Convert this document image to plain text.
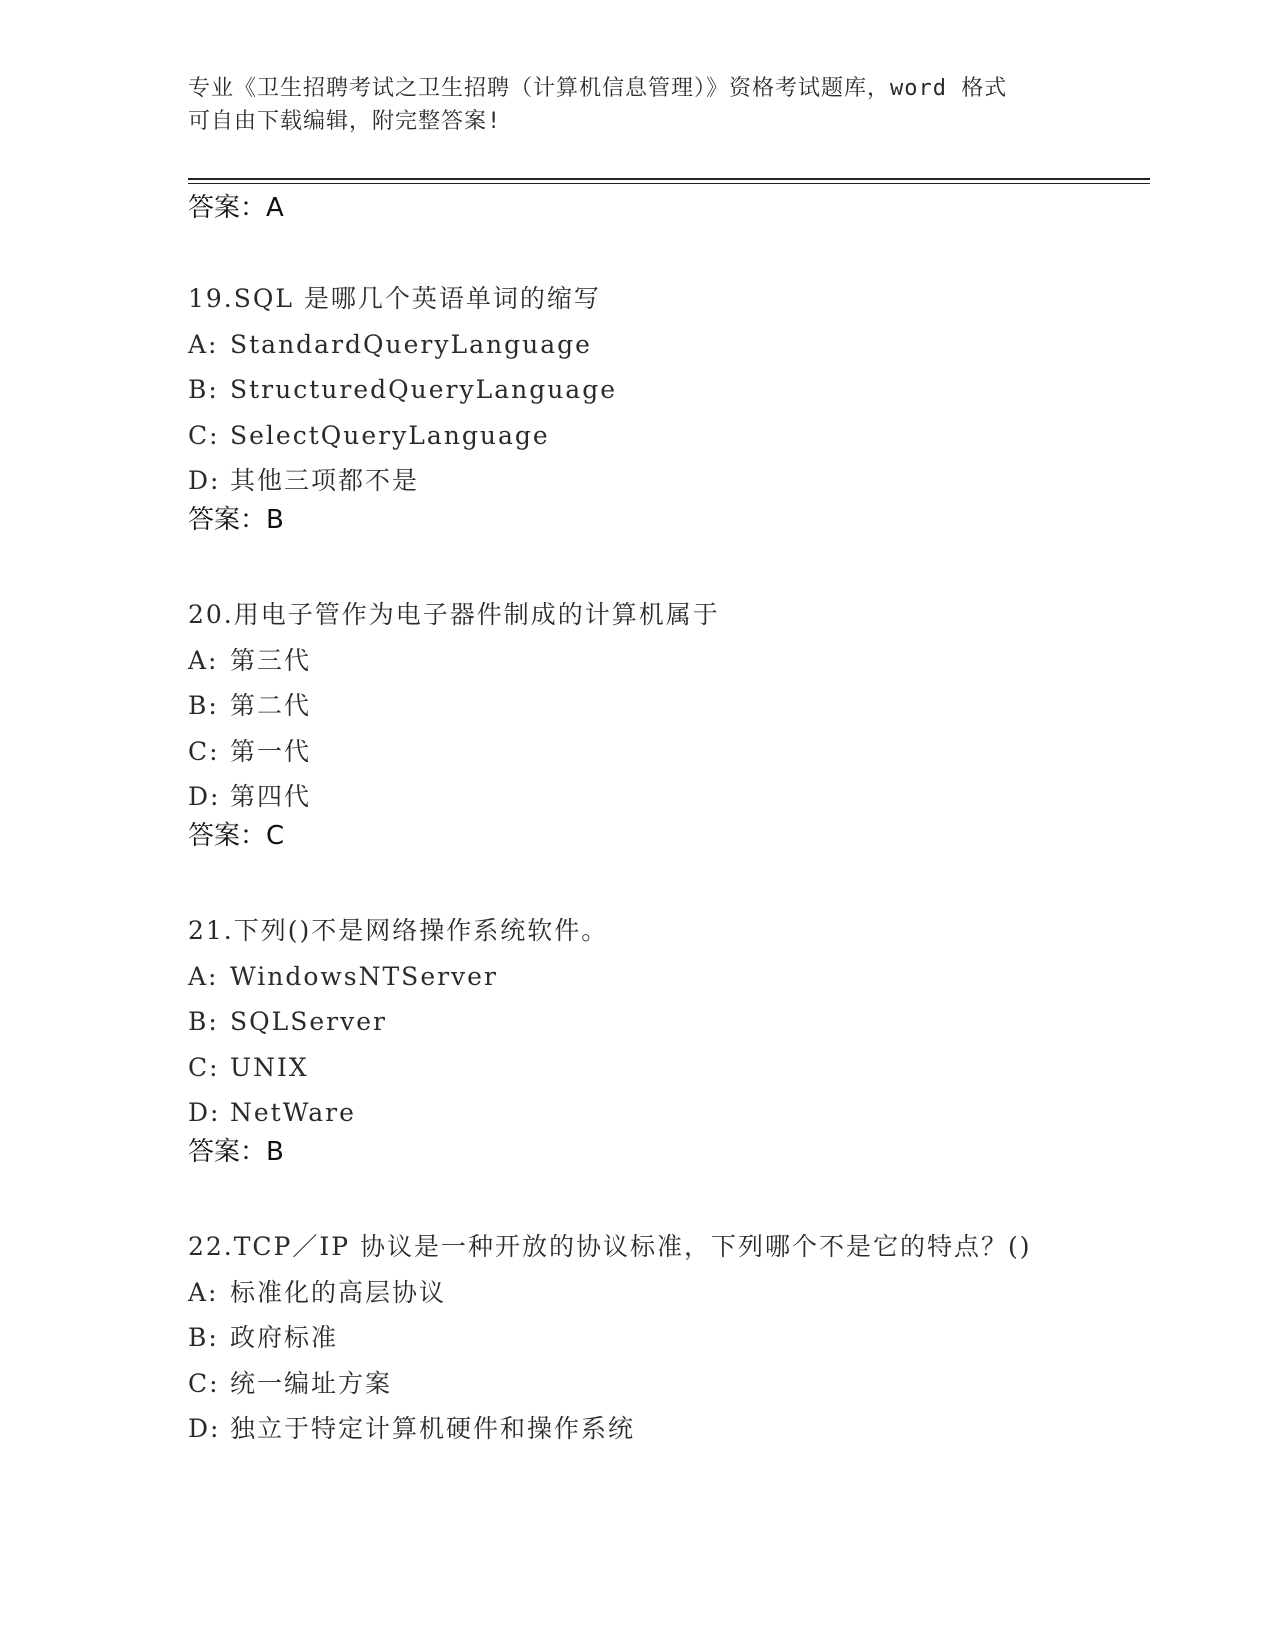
专业《卫生招聘考试之卫生招聘（计算机信息管理）》资格考试题库，word 格式
可自由下载编辑，附完整答案!
答案：A
19.SQL 是哪几个英语单词的缩写
A: StandardQueryLanguage
B: StructuredQueryLanguage
C: SelectQueryLanguage
D: 其他三项都不是
答案：B
20.用电子管作为电子器件制成的计算机属于
A: 第三代
B: 第二代
C: 第一代
D: 第四代
答案：C
21.下列()不是网络操作系统软件。
A: WindowsNTServer
B: SQLServer
C: UNIX
D: NetWare
答案：B
22.TCP／IP 协议是一种开放的协议标准，下列哪个不是它的特点？()
A: 标准化的高层协议
B: 政府标准
C: 统一编址方案
D: 独立于特定计算机硬件和操作系统
